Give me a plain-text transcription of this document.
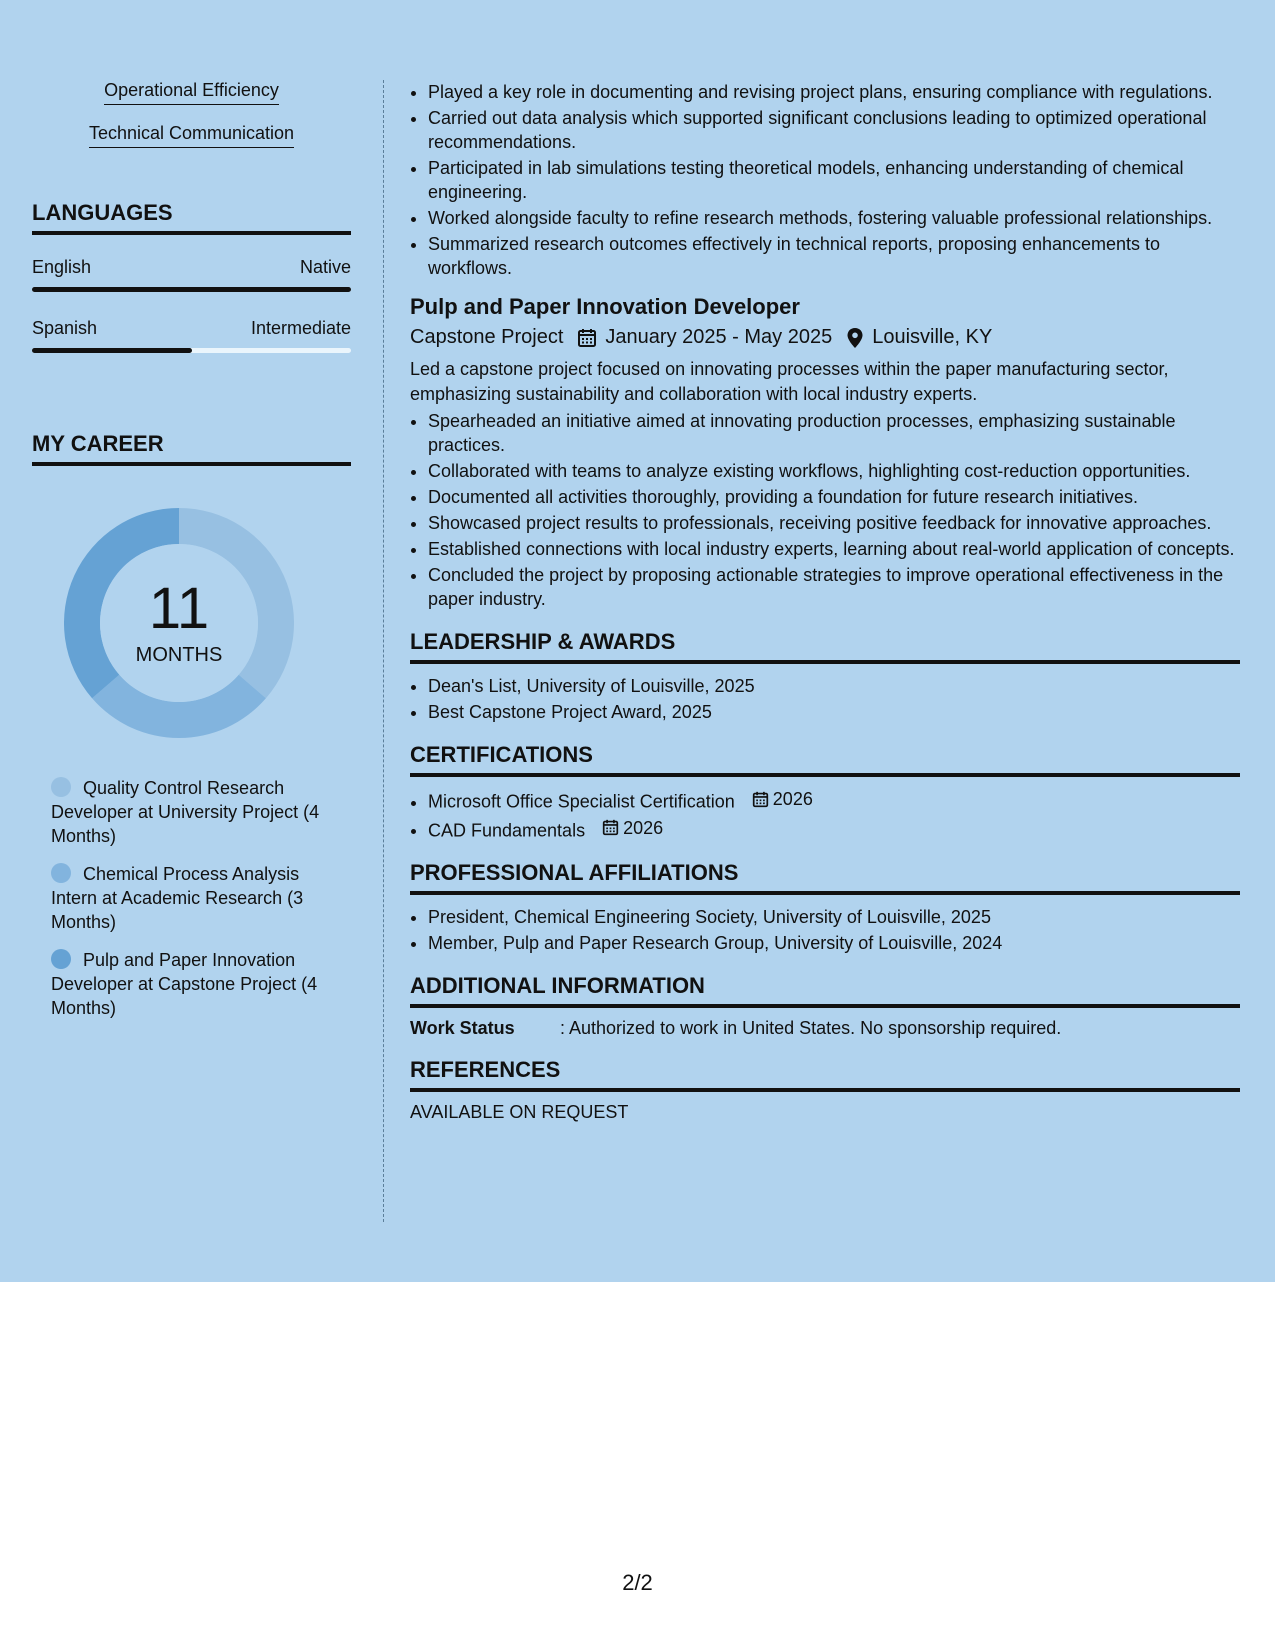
Operational Efficiency
Technical Communication
LANGUAGES
English	Native
Spanish	Intermediate
MY CAREER
11
MONTHS
Quality Control Research Developer at University Project (4 Months)
Chemical Process Analysis Intern at Academic Research (3 Months)
Pulp and Paper Innovation Developer at Capstone Project (4 Months)
• Played a key role in documenting and revising project plans, ensuring compliance with regulations.
• Carried out data analysis which supported significant conclusions leading to optimized operational recommendations.
• Participated in lab simulations testing theoretical models, enhancing understanding of chemical engineering.
• Worked alongside faculty to refine research methods, fostering valuable professional relationships.
• Summarized research outcomes effectively in technical reports, proposing enhancements to workflows.
Pulp and Paper Innovation Developer
Capstone Project January 2025 - May 2025 Louisville, KY

Led a capstone project focused on innovating processes within the paper manufacturing sector, emphasizing sustainability and collaboration with local industry experts.

• Spearheaded an initiative aimed at innovating production processes, emphasizing sustainable practices.
• Collaborated with teams to analyze existing workflows, highlighting cost-reduction opportunities.
• Documented all activities thoroughly, providing a foundation for future research initiatives.
• Showcased project results to professionals, receiving positive feedback for innovative approaches.
• Established connections with local industry experts, learning about real-world application of concepts.
• Concluded the project by proposing actionable strategies to improve operational effectiveness in the paper industry.
LEADERSHIP & AWARDS
• Dean's List, University of Louisville, 2025
• Best Capstone Project Award, 2025
CERTIFICATIONS
• Microsoft Office Specialist Certification 2026
• CAD Fundamentals 2026
PROFESSIONAL AFFILIATIONS
• President, Chemical Engineering Society, University of Louisville, 2025
• Member, Pulp and Paper Research Group, University of Louisville, 2024
ADDITIONAL INFORMATION
Work Status	: Authorized to work in United States. No sponsorship required.
REFERENCES
AVAILABLE ON REQUEST
2/2
